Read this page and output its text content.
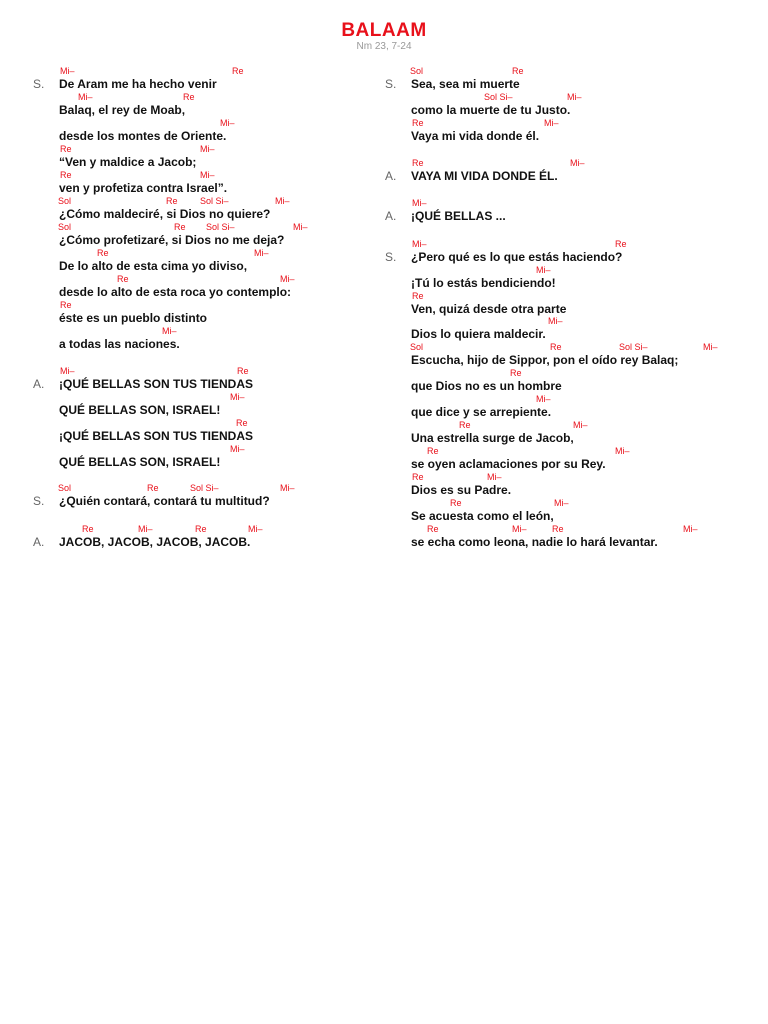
BALAAM
Nm 23, 7-24
Mi–	Re
S. De Aram me ha hecho venir
Mi–	Re
Balaq, el rey de Moab,
Mi–
desde los montes de Oriente.
Re	Mi–
“Ven y maldice a Jacob;
Re	Mi–
ven y profetiza contra Israel”.
Sol	Re Sol Si–	Mi–
¿Cómo maldeciré, si Dios no quiere?
Sol	Re Sol Si–	Mi–
¿Cómo profetizaré, si Dios no me deja?
Re	Mi–
De lo alto de esta cima yo diviso,
Re	Mi–
desde lo alto de esta roca yo contemplo:
Re
éste es un pueblo distinto
Mi–
a todas las naciones.
Mi–	Re
A. ¡QUÉ BELLAS SON TUS TIENDAS
Mi–
QUÉ BELLAS SON, ISRAEL!
Re
¡QUÉ BELLAS SON TUS TIENDAS
Mi–
QUÉ BELLAS SON, ISRAEL!
Sol	Re	Sol Si–	Mi–
S. ¿Quién contará, contará tu multitud?
Re	Mi–	Re	Mi–
A. JACOB, JACOB, JACOB, JACOB.
Sol	Re
S. Sea, sea mi muerte
Sol Si–	Mi–
como la muerte de tu Justo.
Re	Mi–
Vaya mi vida donde él.
Re	Mi–
A. VAYA MI VIDA DONDE ÉL.
Mi–
A. ¡QUÉ BELLAS ...
Mi–	Re
S. ¿Pero qué es lo que estás haciendo?
Mi–
¡Tú lo estás bendiciendo!
Re
Ven, quizá desde otra parte
Mi–
Dios lo quiera maldecir.
Sol	Re	Sol Si–	Mi–
Escucha, hijo de Sippor, pon el oído rey Balaq;
Re
que Dios no es un hombre
Mi–
que dice y se arrepiente.
Re	Mi–
Una estrella surge de Jacob,
Re	Mi–
se oyen aclamaciones por su Rey.
Re	Mi–
Dios es su Padre.
Re	Mi–
Se acuesta como el león,
Re	Mi–	Re	Mi–
se echa como leona, nadie lo hará levantar.
